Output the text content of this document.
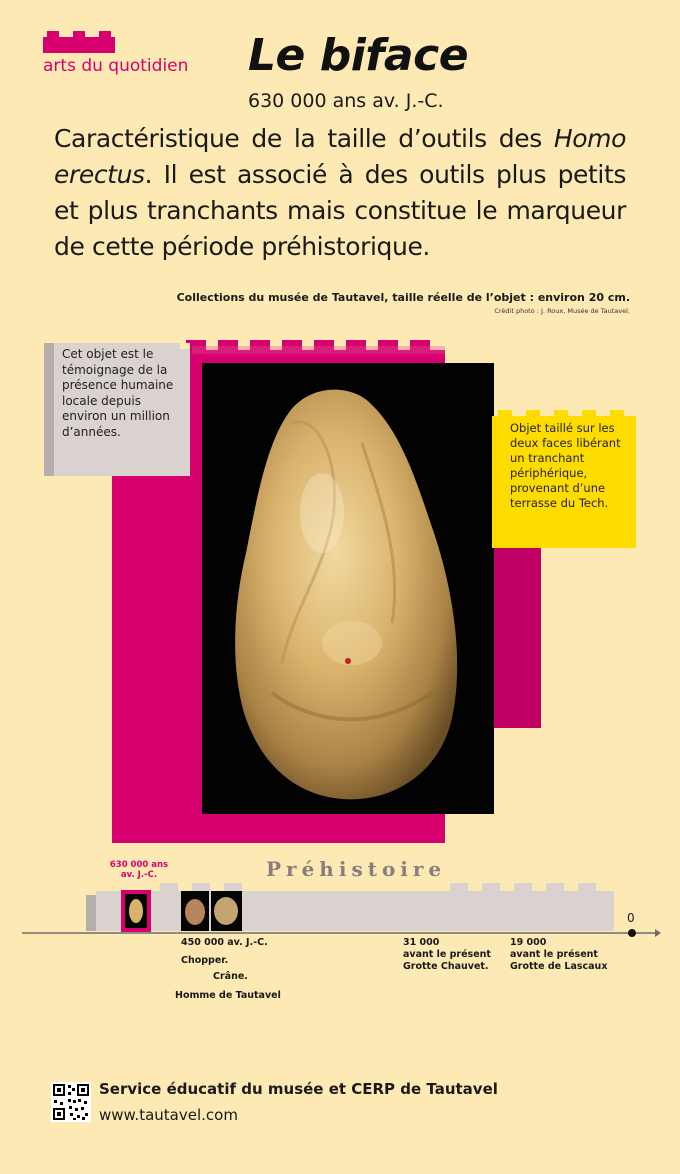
arts du quotidien Le biface
630 000 ans av. J.-C.
Caractéristique de la taille d’outils des Homo erectus. Il est associé à des outils plus petits et plus tranchants mais constitue le marqueur de cette période préhistorique.
Collections du musée de Tautavel, taille réelle de l’objet : environ 20 cm.
Crédit photo : J. Roux, Musée de Tautavel.
Cet objet est le témoignage de la présence humaine locale depuis environ un million d’années.	Objet taillé sur les deux faces libérant un tranchant périphérique, provenant d’une terrasse du Tech.
Préhistoire
630 000 ans av. J.-C.
0
450 000 av. J.-C.
Chopper.
Crâne.
Homme de Tautavel
31 000
avant le présent
Grotte Chauvet.
19 000
avant le présent
Grotte de Lascaux
Service éducatif du musée et CERP de Tautavel
www.tautavel.com
